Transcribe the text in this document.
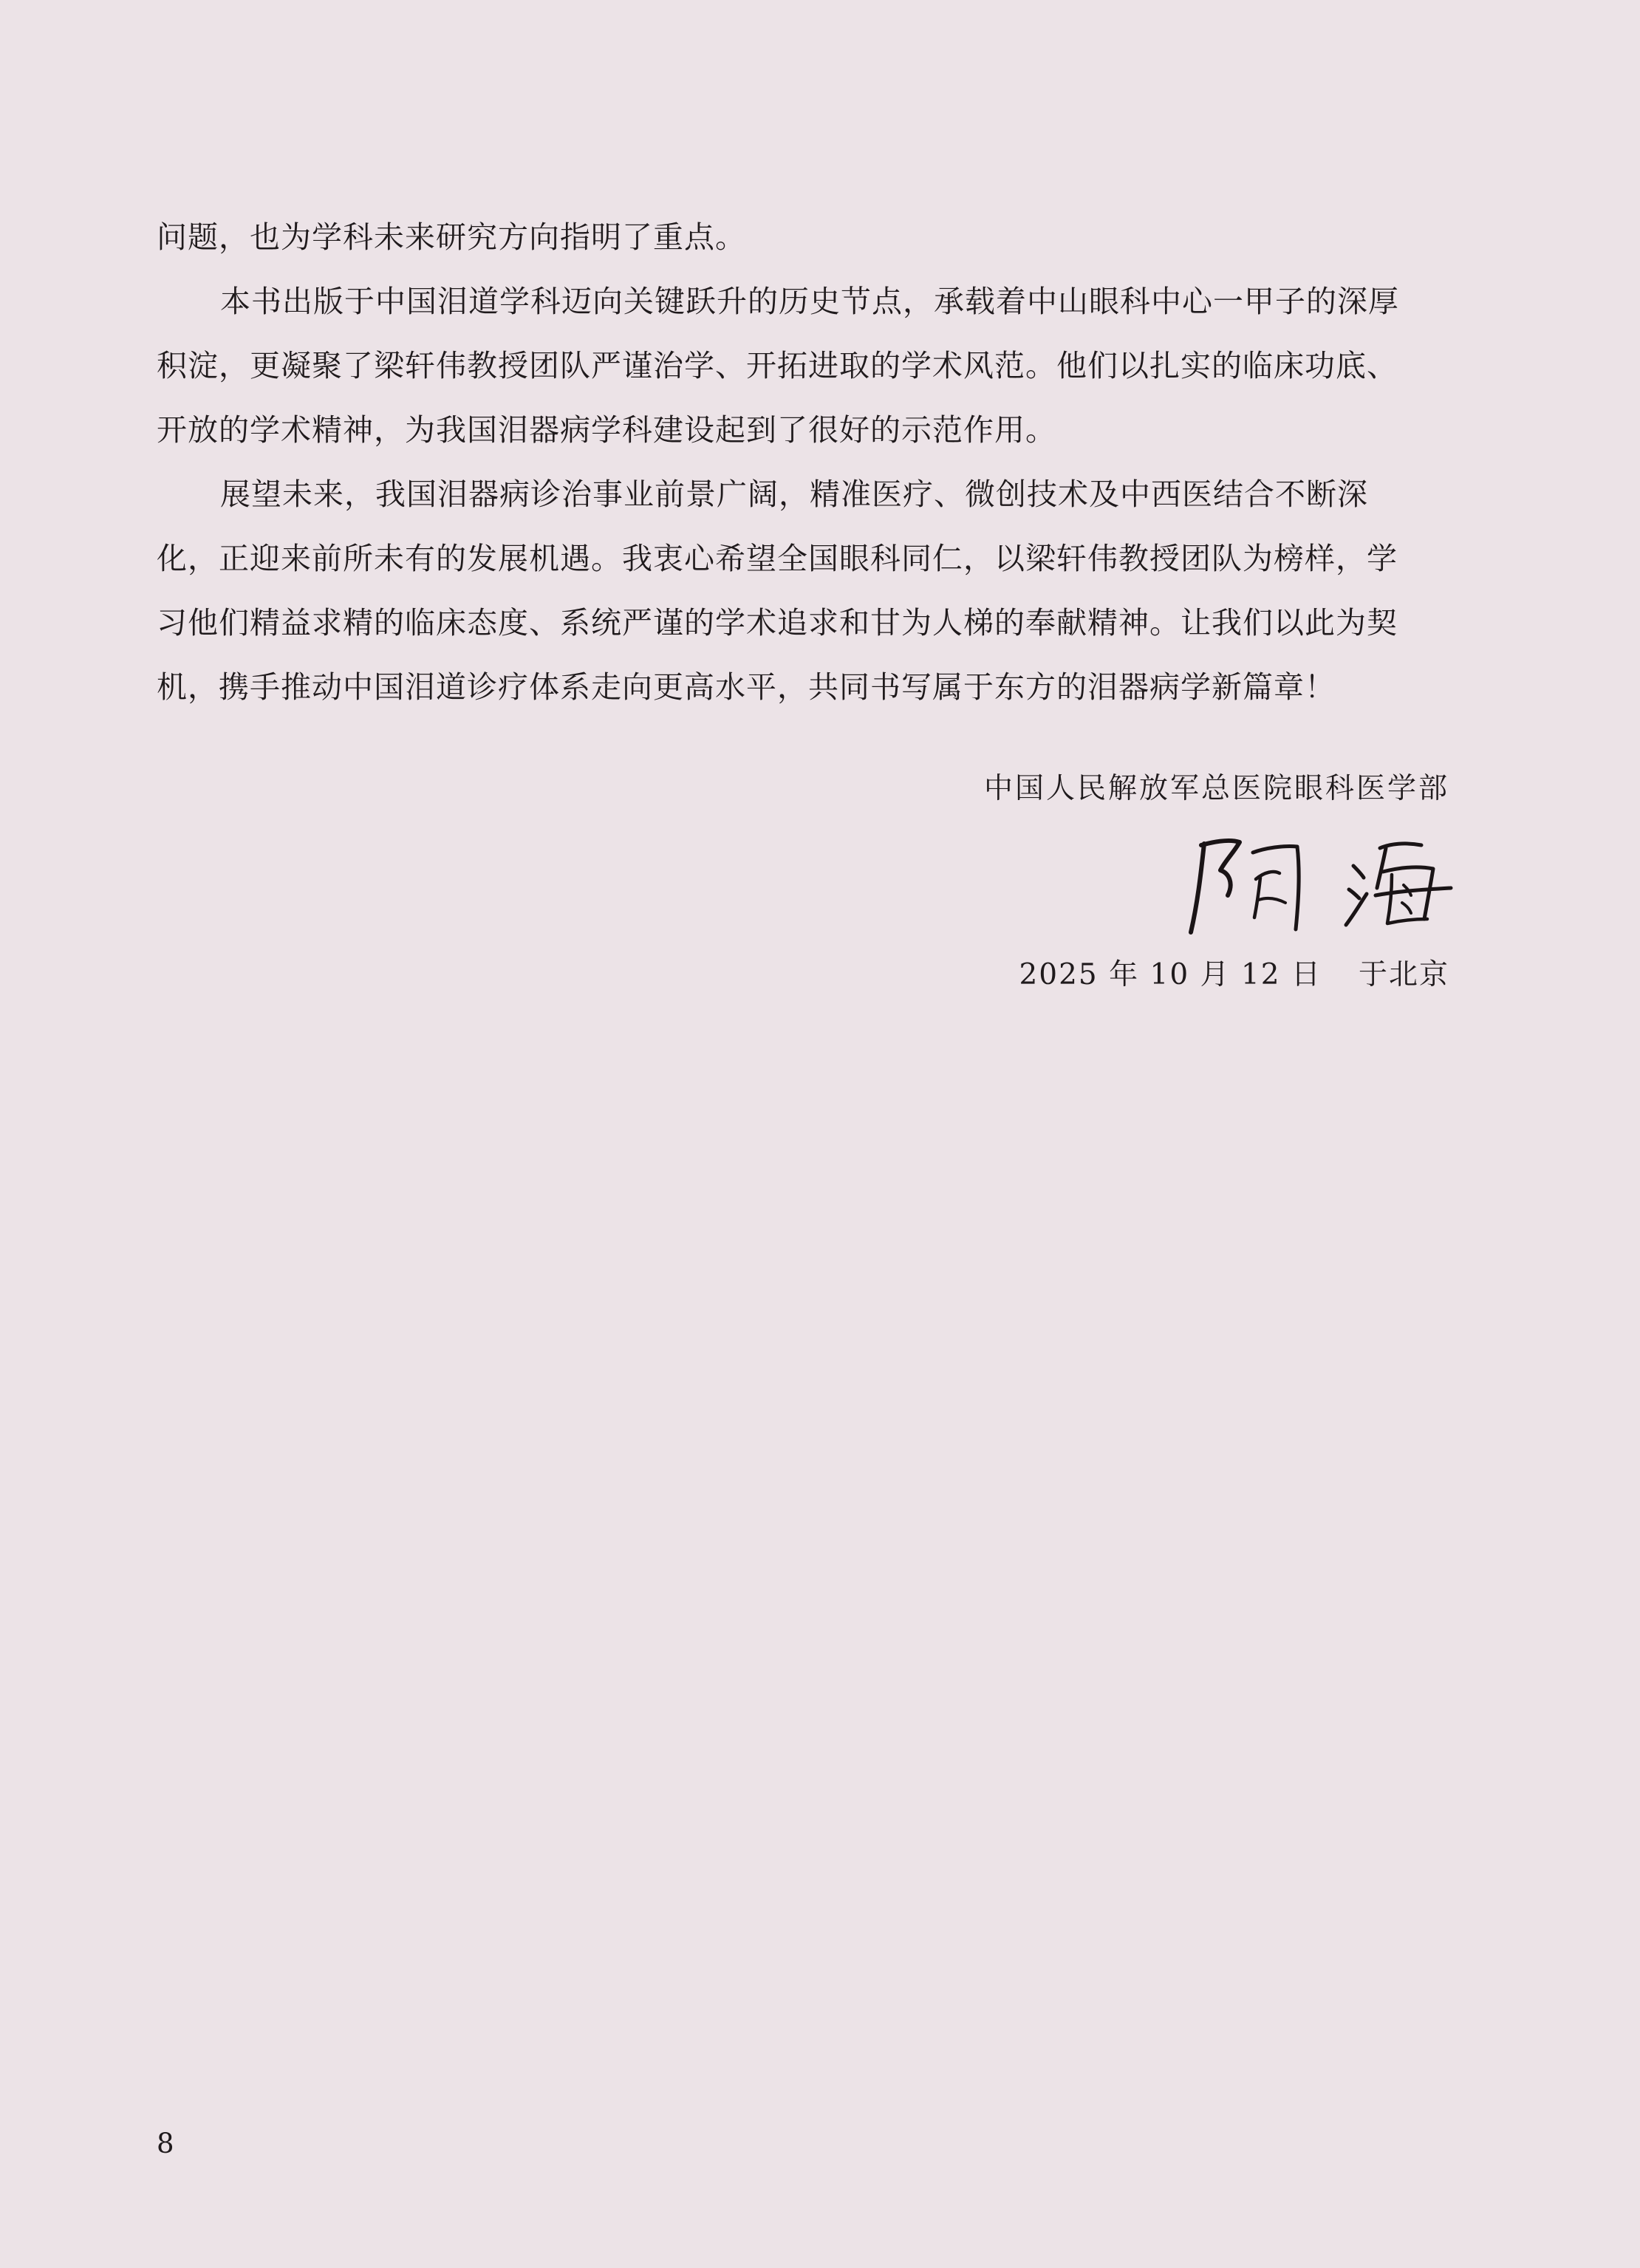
问题，也为学科未来研究方向指明了重点。

本书出版于中国泪道学科迈向关键跃升的历史节点，承载着中山眼科中心一甲子的深厚
积淀，更凝聚了梁轩伟教授团队严谨治学、开拓进取的学术风范。他们以扎实的临床功底、
开放的学术精神，为我国泪器病学科建设起到了很好的示范作用。

展望未来，我国泪器病诊治事业前景广阔，精准医疗、微创技术及中西医结合不断深
化，正迎来前所未有的发展机遇。我衷心希望全国眼科同仁，以梁轩伟教授团队为榜样，学
习他们精益求精的临床态度、系统严谨的学术追求和甘为人梯的奉献精神。让我们以此为契
机，携手推动中国泪道诊疗体系走向更高水平，共同书写属于东方的泪器病学新篇章！

中国人民解放军总医院眼科医学部
2025 年 10 月 12 日 于北京
8
